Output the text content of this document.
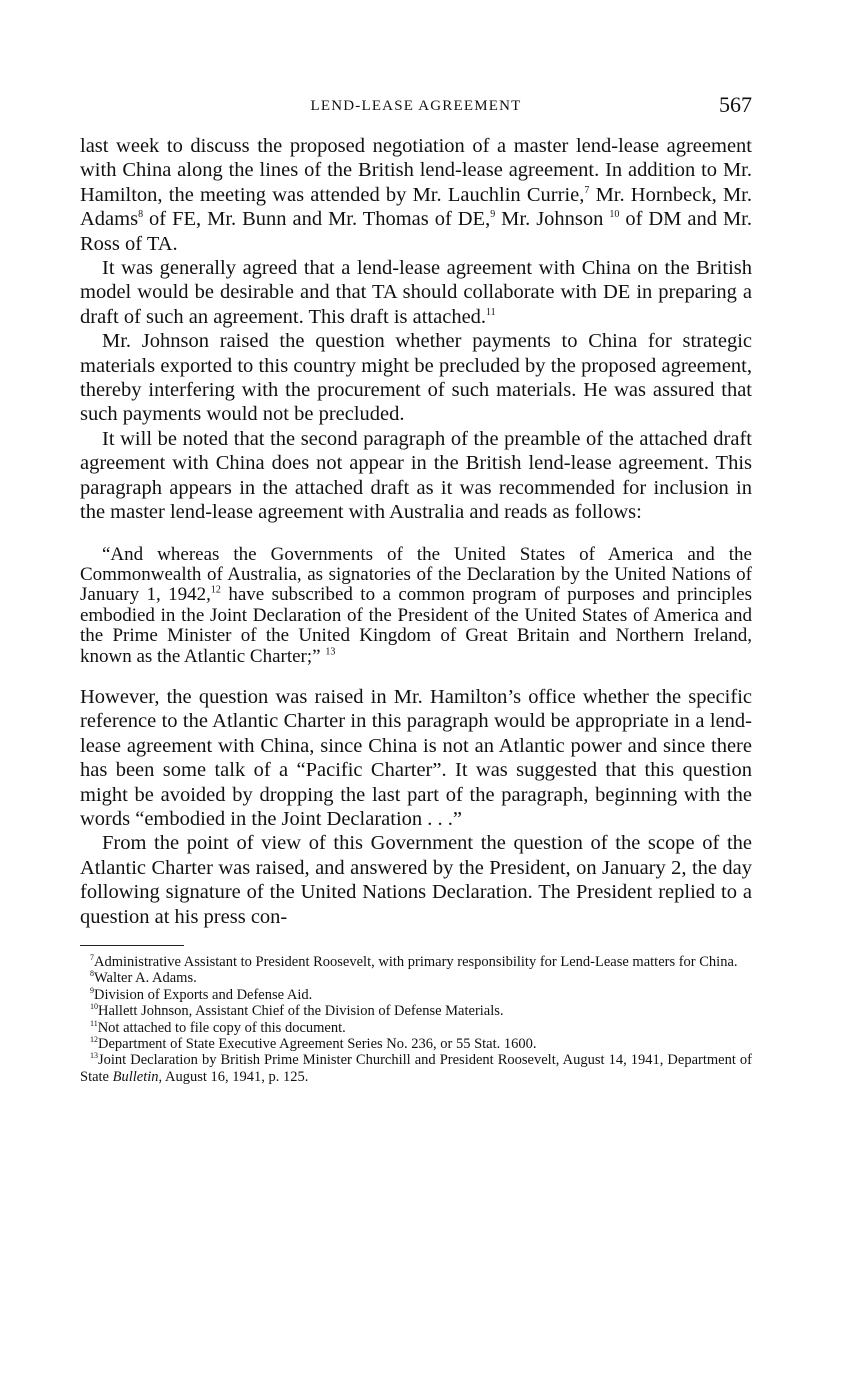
LEND-LEASE AGREEMENT	567

last week to discuss the proposed negotiation of a master lend-lease agreement with China along the lines of the British lend-lease agreement. In addition to Mr. Hamilton, the meeting was attended by Mr. Lauchlin Currie,$^7$ Mr. Hornbeck, Mr. Adams$^8$ of FE, Mr. Bunn and Mr. Thomas of DE,$^9$ Mr. Johnson $^{10}$ of DM and Mr. Ross of TA.

It was generally agreed that a lend-lease agreement with China on the British model would be desirable and that TA should collaborate with DE in preparing a draft of such an agreement. This draft is attached.$^{11}$

Mr. Johnson raised the question whether payments to China for strategic materials exported to this country might be precluded by the proposed agreement, thereby interfering with the procurement of such materials. He was assured that such payments would not be precluded.

It will be noted that the second paragraph of the preamble of the attached draft agreement with China does not appear in the British lend-lease agreement. This paragraph appears in the attached draft as it was recommended for inclusion in the master lend-lease agreement with Australia and reads as follows:

“And whereas the Governments of the United States of America and the Commonwealth of Australia, as signatories of the Declaration by the United Nations of January 1, 1942,12 have subscribed to a common program of purposes and principles embodied in the Joint Declaration of the President of the United States of America and the Prime Minister of the United Kingdom of Great Britain and Northern Ireland, known as the Atlantic Charter;” $^{13}$

However, the question was raised in Mr. Hamilton’s office whether the specific reference to the Atlantic Charter in this paragraph would be appropriate in a lend-lease agreement with China, since China is not an Atlantic power and since there has been some talk of a “Pacific Charter”. It was suggested that this question might be avoided by dropping the last part of the paragraph, beginning with the words “embodied in the Joint Declaration . . .”

From the point of view of this Government the question of the scope of the Atlantic Charter was raised, and answered by the President, on January 2, the day following signature of the United Nations Declaration. The President replied to a question at his press con-

$^7$Administrative Assistant to President Roosevelt, with primary responsibility for Lend-Lease matters for China.

$^8$Walter A. Adams.

$^9$Division of Exports and Defense Aid.

$^{10}$Hallett Johnson, Assistant Chief of the Division of Defense Materials.

$^{11}$Not attached to file copy of this document.

$^{12}$Department of State Executive Agreement Series No. 236, or 55 Stat. 1600.

$^{13}$Joint Declaration by British Prime Minister Churchill and President Roosevelt, August 14, 1941, Department of State Bulletin, August 16, 1941, p. 125.
